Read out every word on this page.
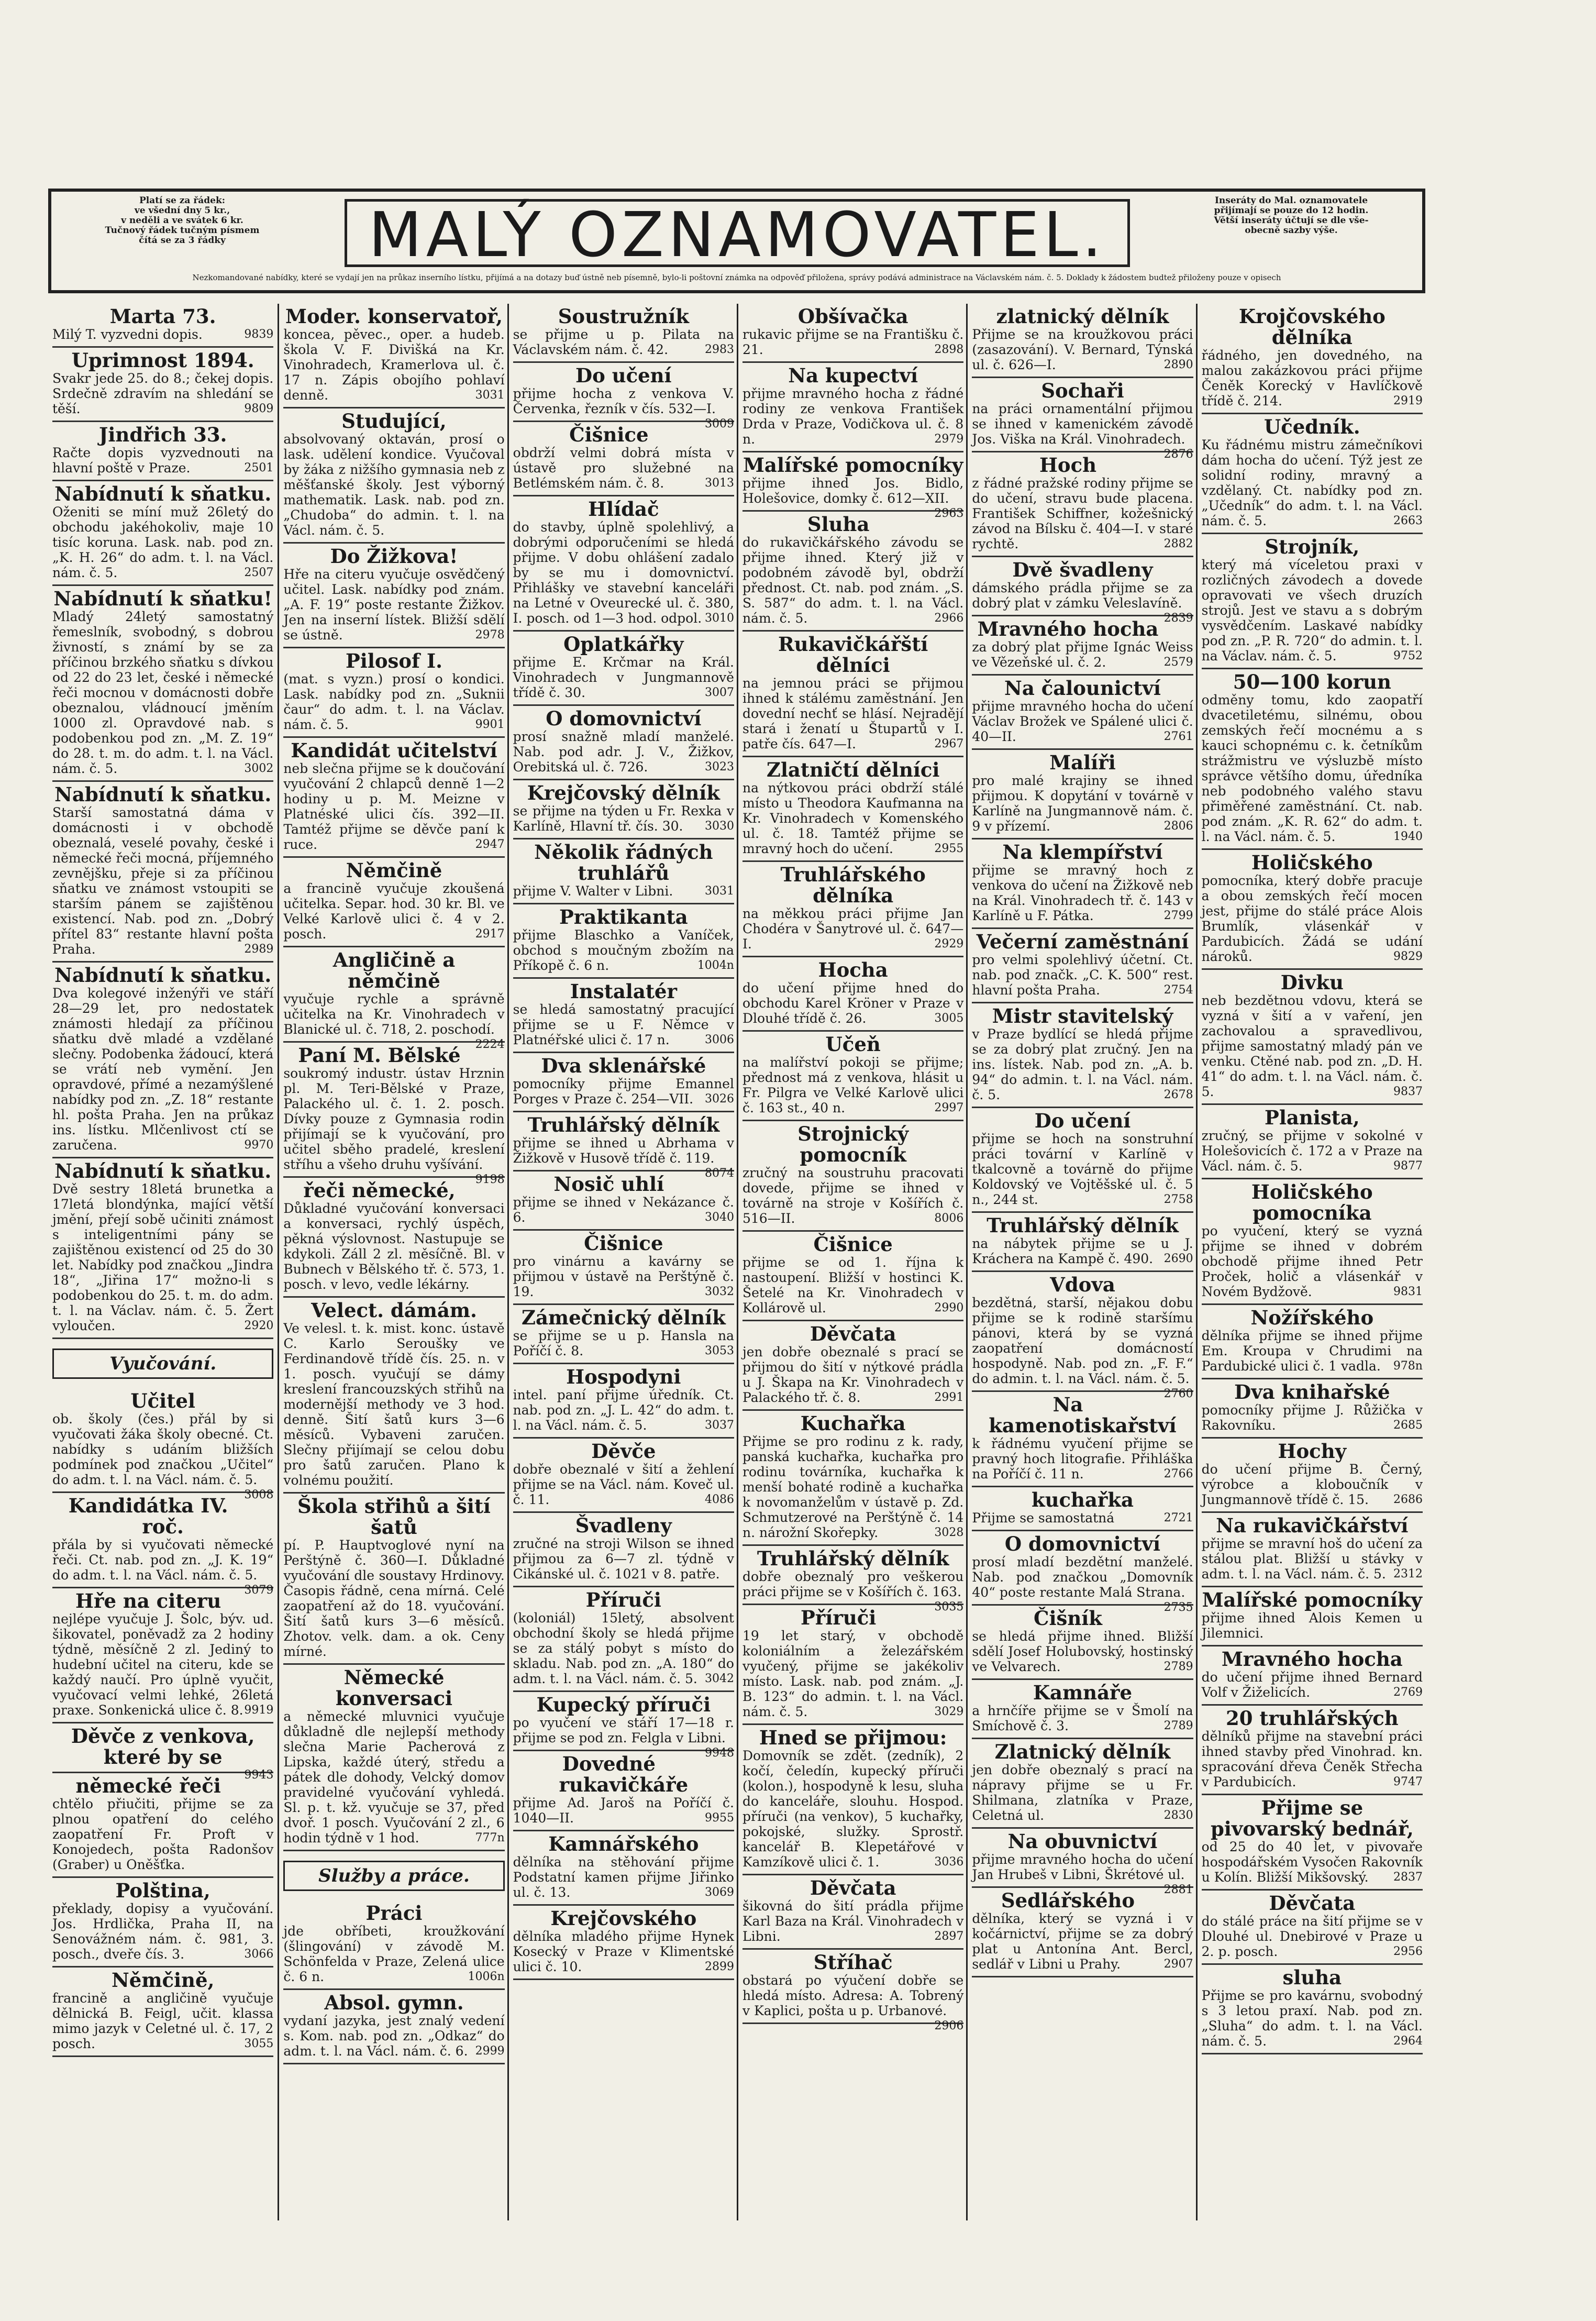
Platí se za řádek:
ve všední dny 5 kr.,
v neděli a ve svátek 6 kr.
Tučnový řádek tučným písmem
čítá se za 3 řádky	MALÝ OZNAMOVATEL.	Inseráty do Mal. oznamovatele
přijímají se pouze do 12 hodin.
Větší inseráty účtují se dle vše-
obecně sazby výše.
Nezkomandované nabídky, které se vydají jen na průkaz inserního lístku, přijímá a na dotazy buď ústně neb písemně, bylo-li poštovní známka na odpověď přiložena, správy podává administrace na Václavském nám. č. 5. Doklady k žádostem budtež přiloženy pouze v opisech
Marta 73.

Milý T. vyzvedni dopis.	9839

Uprimnost 1894.

Svakr jede 25. do 8.; čekej dopis. Srdečně zdravím na shledání se těší.	9809

Jindřich 33.

Račte dopis vyzvednouti na hlavní poště v Praze.	2501

Nabídnutí k sňatku.

Oženiti se míní muž 26letý do obchodu jakéhokoliv, maje 10 tisíc koruna. Lask. nab. pod zn. „K. H. 26“ do adm. t. l. na Václ. nám. č. 5.	2507

Nabídnutí k sňatku!

Mladý 24letý samostatný řemeslník, svobodný, s dobrou živností, s známí by se za příčinou brzkého sňatku s dívkou od 22 do 23 let, české i německé řeči mocnou v domácnosti dobře obeznalou, vládnoucí jměním 1000 zl. Opravdové nab. s podobenkou pod zn. „M. Z. 19“ do 28. t. m. do adm. t. l. na Václ. nám. č. 5.	3002

Nabídnutí k sňatku.

Starší samostatná dáma v domácnosti i v obchodě obeznalá, veselé povahy, české i německé řeči mocná, příjemného zevnějšku, přeje si za příčinou sňatku ve známost vstoupiti se starším pánem se zajištěnou existencí. Nab. pod zn. „Dobrý přítel 83“ restante hlavní pošta Praha.	2989

Nabídnutí k sňatku.

Dva kolegové inženýři ve stáří 28—29 let, pro nedostatek známosti hledají za příčinou sňatku dvě mladé a vzdělané slečny. Podobenka žádoucí, která se vrátí neb vymění. Jen opravdové, přímé a nezamýšlené nabídky pod zn. „Z. 18“ restante hl. pošta Praha. Jen na průkaz ins. lístku. Mlčenlivost ctí se zaručena.	9970

Nabídnutí k sňatku.

Dvě sestry 18letá brunetka a 17letá blondýnka, mající větší jmění, přejí sobě učiniti známost s inteligentními pány se zajištěnou existencí od 25 do 30 let. Nabídky pod značkou „Jindra 18“, „Jiřina 17“ možno-li s podobenkou do 25. t. m. do adm. t. l. na Václav. nám. č. 5. Žert vyloučen.	2920

Vyučování.
Učitel

ob. školy (čes.) přál by si vyučovati žáka školy obecné. Ct. nabídky s udáním bližších podmínek pod značkou „Učitel“ do adm. t. l. na Václ. nám. č. 5.
3008

Kandidátka IV. roč.

přála by si vyučovati německé řeči. Ct. nab. pod zn. „J. K. 19“ do adm. t. l. na Václ. nám. č. 5.
3079

Hře na citeru

nejlépe vyučuje J. Šolc, býv. ud. šikovatel, poněvadž za 2 hodiny týdně, měsíčně 2 zl. Jediný to hudební učitel na citeru, kde se každý naučí. Pro úplně vyučit, vyučovací velmi lehké, 26letá praxe. Sonkenická ulice č. 8. 9919

Děvče z venkova, které by se

9943

německé řeči

chtělo přiučiti, přijme se za plnou opatření do celého zaopatření Fr. Proft v Konojedech, pošta Radonšov (Graber) u Oněšťka.

Polština,

překlady, dopisy a vyučování. Jos. Hrdlička, Praha II, na Senovážném nám. č. 981, 3. posch., dveře čís. 3.	3066

Němčině,

francině a angličině vyučuje dělnická B. Feigl, učit. klassa mimo jazyk v Celetné ul. č. 17, 2 posch.	3055

Moder. konservatoř,

koncea, pěvec., oper. a hudeb. škola V. F. Divišká na Kr. Vinohradech, Kramerlova ul. č. 17 n. Zápis obojího pohlaví denně.	3031

Studující,

absolvovaný oktaván, prosí o lask. udělení kondice. Vyučoval by žáka z nižšího gymnasia neb z měšťanské školy. Jest výborný mathematik. Lask. nab. pod zn. „Chudoba“ do admin. t. l. na Václ. nám. č. 5.

Do Žižkova!

Hře na citeru vyučuje osvědčený učitel. Lask. nabídky pod znám. „A. F. 19“ poste restante Žižkov. Jen na inserní lístek. Bližší sdělí se ústně.	2978

Pilosof I.

(mat. s vyzn.) prosí o kondici. Lask. nabídky pod zn. „Suknii čaur“ do adm. t. l. na Václav. nám. č. 5.	9901

Kandidát učitelství

neb slečna přijme se k doučování vyučování 2 chlapců denně 1—2 hodiny u p. M. Meizne v Platnéské ulici čís. 392—II. Tamtéž přijme se děvče paní k ruce.	2947

Němčině

a francině vyučuje zkoušená učitelka. Separ. hod. 30 kr. Bl. ve Velké Karlově ulici č. 4 v 2. posch.	2917

Angličině a němčině

vyučuje rychle a správně učitelka na Kr. Vinohradech v Blanické ul. č. 718, 2. poschodí.
2224

Paní M. Bělské

soukromý industr. ústav Hrznin pl. M. Teri-Bělské v Praze, Palackého ul. č. 1. 2. posch. Dívky pouze z Gymnasia rodin přijímají se k vyučování, pro učitel sběho pradelé, kreslení stříhu a všeho druhu vyšívání.
9198

řeči německé,

Důkladné vyučování konversaci a konversaci, rychlý úspěch, pěkná výslovnost. Nastupuje se kdykoli. Záll 2 zl. měsíčně. Bl. v Bubnech v Bělského tř. č. 573, 1. posch. v levo, vedle lékárny.

Velect. dámám.

Ve velesl. t. k. mist. konc. ústavě C. Karlo Seroušky ve Ferdinandově třídě čís. 25. n. v 1. posch. vyučují se dámy kreslení francouzských střihů na modernější methody ve 3 hod. denně. Šití šatů kurs 3—6 měsíců. Vybaveni zaručen. Slečny přijímají se celou dobu pro šatů zaručen. Plano k volnému použití.

Škola střihů a šití šatů

pí. P. Hauptvoglové nyní na Perštýně č. 360—I. Důkladné vyučování dle soustavy Hrdinovy. Časopis řádně, cena mírná. Celé zaopatření až do 18. vyučování. Šití šatů kurs 3—6 měsíců. Zhotov. velk. dam. a ok. Ceny mírné.

Německé konversaci

a německé mluvnici vyučuje důkladně dle nejlepší methody slečna Marie Pacherová z Lipska, každé úterý, středu a pátek dle dohody, Velcký domov pravidelné vyučování vyhledá. Sl. p. t. kž. vyučuje se 37, před dvoř. 1 posch. Vyučování 2 zl., 6 hodin týdně v 1 hod.	777n

Služby a práce.
Práci

jde obříbeti, kroužkování (šlingování) v závodě M. Schönfelda v Praze, Zelená ulice č. 6 n.	1006n

Absol. gymn.

vydaní jazyka, jest znalý vedení s. Kom. nab. pod zn. „Odkaz“ do adm. t. l. na Václ. nám. č. 6. 2999

Soustružník

se přijme u p. Pilata na Václavském nám. č. 42.	2983

Do učení

přijme hocha z venkova V. Červenka, řezník v čís. 532—I.
3009

Čišnice

obdrží velmi dobrá místa v ústavě pro služebné na Betlémském nám. č. 8.	3013

Hlídač

do stavby, úplně spolehlivý, a dobrými odporučeními se hledá přijme. V dobu ohlášení zadalo by se mu i domovnictví. Přihlášky ve stavební kanceláři na Letné v Oveurecké ul. č. 380, I. posch. od 1—3 hod. odpol. 3010

Oplatkářky

přijme E. Krčmar na Král. Vinohradech v Jungmannově třídě č. 30.	3007

O domovnictví

prosí snažně mladí manželé. Nab. pod adr. J. V., Žižkov, Orebitská ul. č. 726.	3023

Krejčovský dělník

se přijme na týden u Fr. Rexka v Karlíně, Hlavní tř. čís. 30. 3030

Několik řádných truhlářů

přijme V. Walter v Libni.	3031

Praktikanta

přijme Blaschko a Vaníček, obchod s moučným zbožím na Příkopě č. 6 n.	1004n

Instalatér

se hledá samostatný pracující přijme se u F. Němce v Platnéřské ulici č. 17 n.	3006

Dva sklenářské

pomocníky přijme Emannel Porges v Praze č. 254—VII. 3026

Truhlářský dělník

přijme se ihned u Abrhama v Žižkově v Husově třídě č. 119.
8074

Nosič uhlí

přijme se ihned v Nekázance č. 6.	3040

Čišnice

pro vinárnu a kavárny se přijmou v ústavě na Perštýně č. 19.	3032

Zámečnický dělník

se přijme se u p. Hansla na Poříčí č. 8.	3053

Hospodyni

intel. paní přijme úředník. Ct. nab. pod zn. „J. L. 42“ do adm. t. l. na Václ. nám. č. 5.	3037

Děvče

dobře obeznalé v šití a žehlení přijme se na Václ. nám. Koveč ul. č. 11.	4086

Švadleny

zručné na stroji Wilson se ihned přijmou za 6—7 zl. týdně v Cikánské ul. č. 1021 v 8. patře.

Příruči

(koloniál) 15letý, absolvent obchodní školy se hledá přijme se za stálý pobyt s místo do skladu. Nab. pod zn. „A. 180“ do adm. t. l. na Václ. nám. č. 5. 3042

Kupecký příruči

po vyučení ve stáří 17—18 r. přijme se pod zn. Felgla v Libni.
9948

Dovedné rukavičkáře

přijme Ad. Jaroš na Poříčí č. 1040—II.	9955

Kamnářského

dělníka na stěhování přijme Podstatní kamen přijme Jiřinko ul. č. 13.	3069

Krejčovského

dělníka mladého přijme Hynek Kosecký v Praze v Klimentské ulici č. 10.	2899

Obšívačka

rukavic přijme se na Františku č. 21.	2898

Na kupectví

přijme mravného hocha z řádné rodiny ze venkova František Drda v Praze, Vodičkova ul. č. 8 n.	2979

Malířské pomocníky

přijme ihned Jos. Bidlo, Holešovice, domky č. 612—XII.
2963

Sluha

do rukavičkářského závodu se přijme ihned. Který již v podobném závodě byl, obdrží přednost. Ct. nab. pod znám. „S. S. 587“ do adm. t. l. na Václ. nám. č. 5.	2966

Rukavičkářští dělníci

na jemnou práci se přijmou ihned k stálému zaměstnání. Jen dovední nechť se hlásí. Nejradějí stará i ženatí u Štupartů v I. patře čís. 647—I.	2967

Zlatničtí dělníci

na nýtkovou práci obdrží stálé místo u Theodora Kaufmanna na Kr. Vinohradech v Komenského ul. č. 18. Tamtéž přijme se mravný hoch do učení.	2955

Truhlářského dělníka

na měkkou práci přijme Jan Chodéra v Šanytrové ul. č. 647—I.	2929

Hocha

do učení přijme hned do obchodu Karel Kröner v Praze v Dlouhé třídě č. 26.	3005

Učeň

na malířství pokoji se přijme; přednost má z venkova, hlásit u Fr. Pilgra ve Velké Karlově ulici č. 163 st., 40 n.	2997

Strojnický pomocník

zručný na soustruhu pracovati dovede, přijme se ihned v továrně na stroje v Košířích č. 516—II.	8006

Čišnice

přijme se od 1. října k nastoupení. Bližší v hostinci K. Šetelé na Kr. Vinohradech v Kollárově ul.	2990

Děvčata

jen dobře obeznalé s prací se přijmou do šití v nýtkové prádla u J. Škapa na Kr. Vinohradech v Palackého tř. č. 8.	2991

Kuchařka

Přijme se pro rodinu z k. rady, panská kuchařka, kuchařka pro rodinu továrníka, kuchařka k menší bohaté rodině a kuchařka k novomanželům v ústavě p. Zd. Schmutzerové na Perštýně č. 14 n. nárožní Skořepky.	3028

Truhlářský dělník

dobře obeznalý pro veškerou práci přijme se v Košířích č. 163.
3035

Příruči

19 let starý, v obchodě koloniálním a železářském vyučený, přijme se jakékoliv místo. Lask. nab. pod znám. „J. B. 123“ do admin. t. l. na Václ. nám. č. 5.	3029

Hned se přijmou:

Domovník se zdět. (zedník), 2 kočí, čeledín, kupecký příruči (kolon.), hospodyně k lesu, sluha do kanceláře, slouhu. Hospod. příruči (na venkov), 5 kuchařky, pokojské, služky. Sprostř. kancelář B. Klepetářové v Kamzíkově ulici č. 1.	3036

Děvčata

šikovná do šití prádla přijme Karl Baza na Král. Vinohradech v Libni.	2897

Stříhač

obstará po výučení dobře se hledá místo. Adresa: A. Tobrený v Kaplici, pošta u p. Urbanové.
2906

zlatnický dělník

Přijme se na kroužkovou práci (zasazování). V. Bernard, Týnská ul. č. 626—I.	2890

Sochaři

na práci ornamentální přijmou se ihned v kamenickém závodě Jos. Viška na Král. Vinohradech.
2876

Hoch

z řádné pražské rodiny přijme se do učení, stravu bude placena. František Schiffner, kožešnický závod na Bílsku č. 404—I. v staré rychtě.	2882

Dvě švadleny

dámského prádla přijme se za dobrý plat v zámku Veleslavíně.
2839

Mravného hocha

za dobrý plat přijme Ignác Weiss ve Vězeňské ul. č. 2.	2579

Na čalounictví

přijme mravného hocha do učení Václav Brožek ve Spálené ulici č. 40—II.	2761

Malíři

pro malé krajiny se ihned přijmou. K dopytání v továrně v Karlíně na Jungmannově nám. č. 9 v přízemí.	2806

Na klempířství

přijme se mravný hoch z venkova do učení na Žižkově neb na Král. Vinohradech tř. č. 143 v Karlíně u F. Pátka.	2799

Večerní zaměstnání

pro velmi spolehlivý účetní. Ct. nab. pod značk. „C. K. 500“ rest. hlavní pošta Praha.	2754

Mistr stavitelský

v Praze bydlící se hledá přijme se za dobrý plat zručný. Jen na ins. lístek. Nab. pod zn. „A. b. 94“ do admin. t. l. na Václ. nám. č. 5.	2678

Do učení

přijme se hoch na sonstruhní práci tovární v Karlíně v tkalcovně a továrně do přijme Koldovský ve Vojtěšské ul. č. 5 n., 244 st.	2758

Truhlářský dělník

na nábytek přijme se u J. Kráchera na Kampě č. 490. 2690

Vdova

bezdětná, starší, nějakou dobu přijme se k rodině staršímu pánovi, která by se vyzná zaopatření domácností hospodyně. Nab. pod zn. „F. F.“ do admin. t. l. na Václ. nám. č. 5.
2760

Na kamenotiskařství

k řádnému vyučení přijme se pravný hoch litografie. Přihláška na Poříčí č. 11 n.	2766

kuchařka

Přijme se samostatná	2721

O domovnictví

prosí mladí bezdětní manželé. Nab. pod značkou „Domovník 40“ poste restante Malá Strana.
2735

Čišník

se hledá přijme ihned. Bližší sdělí Josef Holubovský, hostinský ve Velvarech.	2789

Kamnáře

a hrnčíře přijme se v Šmolí na Smíchově č. 3.	2789

Zlatnický dělník

jen dobře obeznalý s prací na nápravy přijme se u Fr. Shilmana, zlatníka v Praze, Celetná ul.	2830

Na obuvnictví

přijme mravného hocha do učení Jan Hrubeš v Libni, Škrétové ul.
2881

Sedlářského

dělníka, který se vyzná i v kočárnictví, přijme se za dobrý plat u Antonína Ant. Bercl, sedlář v Libni u Prahy.	2907

Krojčovského dělníka

řádného, jen dovedného, na malou zakázkovou práci přijme Čeněk Korecký v Havlíčkově třídě č. 214.	2919

Učedník.

Ku řádnému mistru zámečníkovi dám hocha do učení. Týž jest ze solidní rodiny, mravný a vzdělaný. Ct. nabídky pod zn. „Učedník“ do adm. t. l. na Václ. nám. č. 5.	2663

Strojník,

který má víceletou praxi v rozličných závodech a dovede opravovati ve všech druzích strojů. Jest ve stavu a s dobrým vysvědčením. Laskavé nabídky pod zn. „P. R. 720“ do admin. t. l. na Václav. nám. č. 5.	9752

50—100 korun

odměny tomu, kdo zaopatří dvacetiletému, silnému, obou zemských řečí mocnému a s kauci schopnému c. k. četníkům strážmistru ve výsluzbě místo správce většího domu, úředníka neb podobného valého stavu přiměřené zaměstnání. Ct. nab. pod znám. „K. R. 62“ do adm. t. l. na Václ. nám. č. 5.	1940

Holičského

pomocníka, který dobře pracuje a obou zemských řečí mocen jest, přijme do stálé práce Alois Brumlík, vlásenkář v Pardubicích. Žádá se udání nároků.	9829

Divku

neb bezdětnou vdovu, která se vyzná v šití a v vaření, jen zachovalou a spravedlivou, přijme samostatný mladý pán ve venku. Ctěné nab. pod zn. „D. H. 41“ do adm. t. l. na Václ. nám. č. 5.	9837

Planista,

zručný, se přijme v sokolné v Holešovicích č. 172 a v Praze na Václ. nám. č. 5.	9877

Holičského pomocníka

po vyučení, který se vyzná přijme se ihned v dobrém obchodě přijme ihned Petr Proček, holič a vlásenkář v Novém Bydžově.	9831

Nožířského

dělníka přijme se ihned přijme Em. Kroupa v Chrudimi na Pardubické ulici č. 1 vadla. 978n

Dva knihařské

pomocníky přijme J. Růžička v Rakovníku.	2685

Hochy

do učení přijme B. Černý, výrobce a kloboučník v Jungmannově třídě č. 15. 2686

Na rukavičkářství

přijme se mravní hoš do učení za stálou plat. Bližší u stávky v adm. t. l. na Václ. nám. č. 5. 2312

Malířské pomocníky

přijme ihned Alois Kemen u Jilemnici.

Mravného hocha

do učení přijme ihned Bernard Volf v Žiželicích.	2769

20 truhlářských

dělníků přijme na stavební práci ihned stavby před Vinohrad. kn. spracování dřeva Čeněk Střecha v Pardubicích.	9747

Přijme se pivovarský bednář,

od 25 do 40 let, v pivovaře hospodářském Vysočen Rakovník u Kolín. Bližší Mikšovský. 2837

Děvčata

do stálé práce na šití přijme se v Dlouhé ul. Dnebirové v Praze u 2. p. posch.	2956

sluha

Přijme se pro kavárnu, svobodný s 3 letou praxí. Nab. pod zn. „Sluha“ do adm. t. l. na Václ. nám. č. 5.	2964
